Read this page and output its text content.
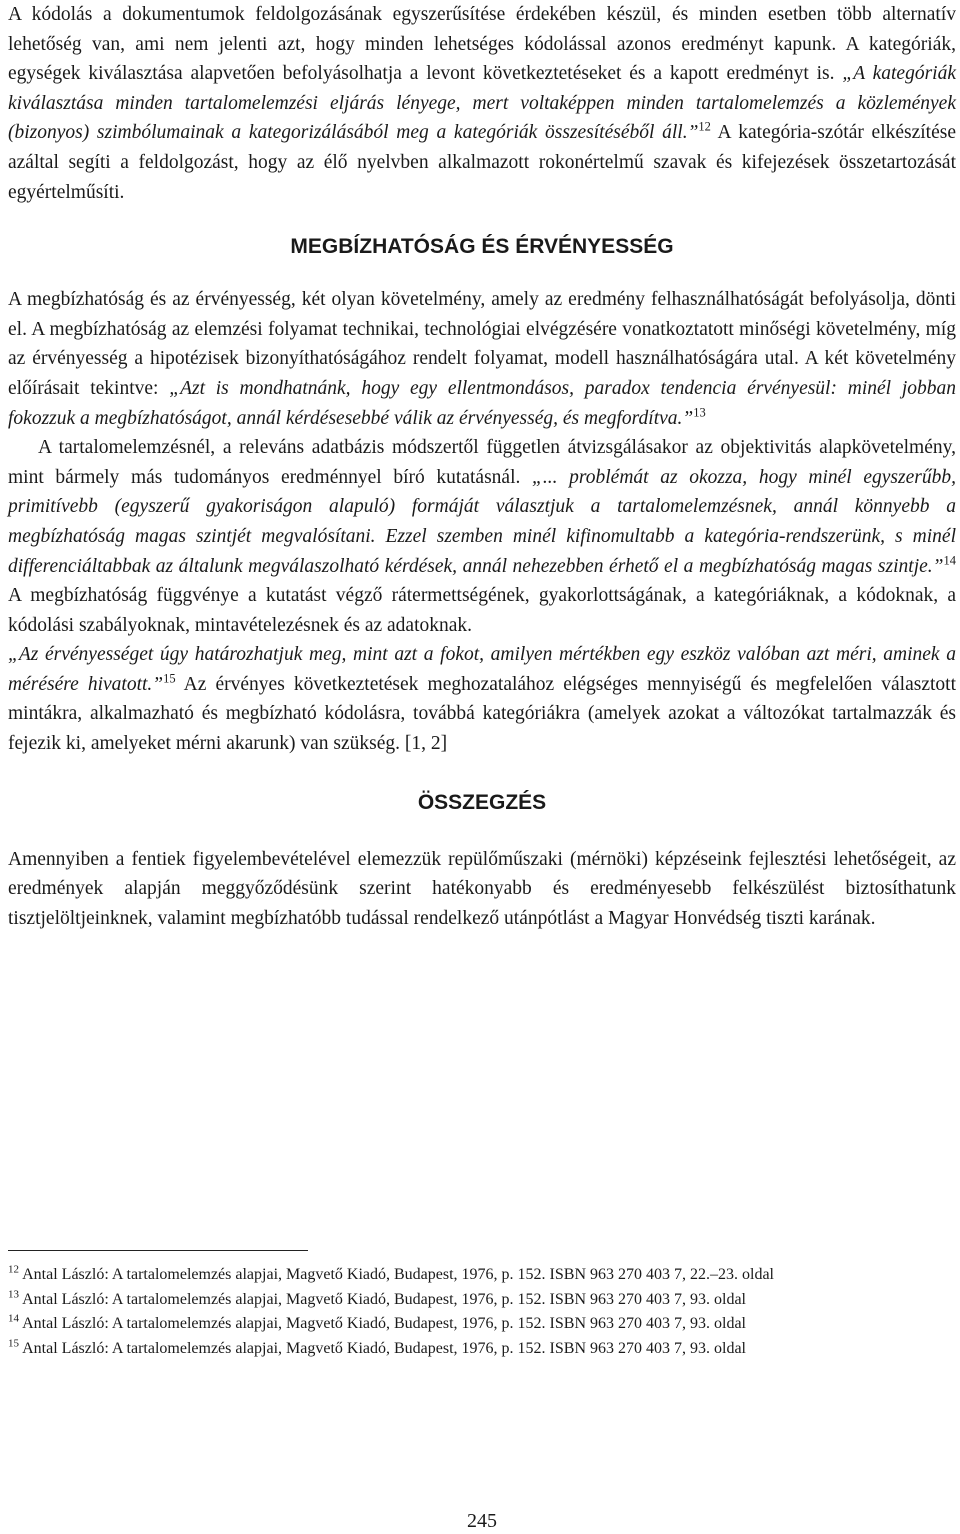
A kódolás a dokumentumok feldolgozásának egyszerűsítése érdekében készül, és minden esetben több alternatív lehetőség van, ami nem jelenti azt, hogy minden lehetséges kódolással azonos eredményt kapunk. A kategóriák, egységek kiválasztása alapvetően befolyásolhatja a levont következtetéseket és a kapott eredményt is. „A kategóriák kiválasztása minden tartalomelemzési eljárás lényege, mert voltaképpen minden tartalomelemzés a közlemények (bizonyos) szimbólumainak a kategorizálásából meg a kategóriák összesítéséből áll.”$^{12}$ A kategória-szótár elkészítése azáltal segíti a feldolgozást, hogy az élő nyelvben alkalmazott rokonértelmű szavak és kifejezések összetartozását egyértelműsíti.

MEGBÍZHATÓSÁG ÉS ÉRVÉNYESSÉG

A megbízhatóság és az érvényesség, két olyan követelmény, amely az eredmény felhasználhatóságát befolyásolja, dönti el. A megbízhatóság az elemzési folyamat technikai, technológiai elvégzésére vonatkoztatott minőségi követelmény, míg az érvényesség a hipotézisek bizonyíthatóságához rendelt folyamat, modell használhatóságára utal. A két követelmény előírásait tekintve: „Azt is mondhatnánk, hogy egy ellentmondásos, paradox tendencia érvényesül: minél jobban fokozzuk a megbízhatóságot, annál kérdésesebbé válik az érvényesség, és megfordítva.”$^{13}$

A tartalomelemzésnél, a releváns adatbázis módszertől független átvizsgálásakor az objektivitás alapkövetelmény, mint bármely más tudományos eredménnyel bíró kutatásnál. „... problémát az okozza, hogy minél egyszerűbb, primitívebb (egyszerű gyakoriságon alapuló) formáját választjuk a tartalomelemzésnek, annál könnyebb a megbízhatóság magas szintjét megvalósítani. Ezzel szemben minél kifinomultabb a kategória-rendszerünk, s minél differenciáltabbak az általunk megválaszolható kérdések, annál nehezebben érhető el a megbízhatóság magas szintje.”$^{14}$ A megbízhatóság függvénye a kutatást végző rátermettségének, gyakorlottságának, a kategóriáknak, a kódoknak, a kódolási szabályoknak, mintavételezésnek és az adatoknak.

„Az érvényességet úgy határozhatjuk meg, mint azt a fokot, amilyen mértékben egy eszköz valóban azt méri, aminek a mérésére hivatott.”$^{15}$ Az érvényes következtetések meghozatalához elégséges mennyiségű és megfelelően választott mintákra, alkalmazható és megbízható kódolásra, továbbá kategóriákra (amelyek azokat a változókat tartalmazzák és fejezik ki, amelyeket mérni akarunk) van szükség. [1, 2]

ÖSSZEGZÉS

Amennyiben a fentiek figyelembevételével elemezzük repülőműszaki (mérnöki) képzéseink fejlesztési lehetőségeit, az eredmények alapján meggyőződésünk szerint hatékonyabb és eredményesebb felkészülést biztosíthatunk tisztjelöltjeinknek, valamint megbízhatóbb tudással rendelkező utánpótlást a Magyar Honvédség tiszti karának.

$^{12}$ Antal László: A tartalomelemzés alapjai, Magvető Kiadó, Budapest, 1976, p. 152. ISBN 963 270 403 7, 22.–23. oldal

$^{13}$ Antal László: A tartalomelemzés alapjai, Magvető Kiadó, Budapest, 1976, p. 152. ISBN 963 270 403 7, 93. oldal

$^{14}$ Antal László: A tartalomelemzés alapjai, Magvető Kiadó, Budapest, 1976, p. 152. ISBN 963 270 403 7, 93. oldal

$^{15}$ Antal László: A tartalomelemzés alapjai, Magvető Kiadó, Budapest, 1976, p. 152. ISBN 963 270 403 7, 93. oldal

245
